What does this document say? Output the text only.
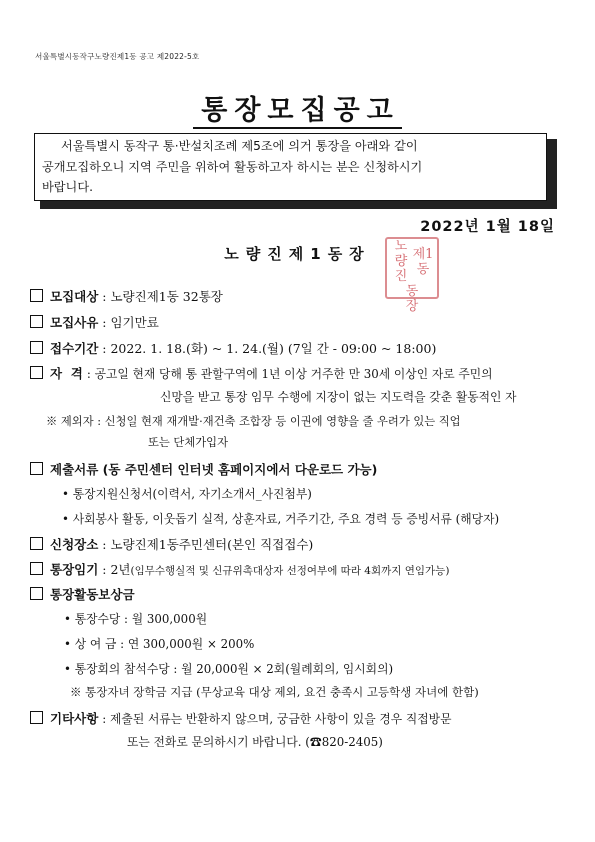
서울특별시동작구노량진제1동 공고 제2022-5호
통장모집공고
서울특별시 동작구 통·반설치조례 제5조에 의거 통장을 아래와 같이
공개모집하오니 지역 주민을 위하여 활동하고자 하시는 분은 신청하시기
바랍니다.
2022년 1월 18일
노량진제1동장	노량진
제1동
동장
모집대상 : 노량진제1동 32통장
모집사유 : 임기만료
접수기간 : 2022. 1. 18.(화) ~ 1. 24.(월) (7일 간 - 09:00 ~ 18:00)
자  격 : 공고일 현재 당해 통 관할구역에 1년 이상 거주한 만 30세 이상인 자로 주민의
신망을 받고 통장 임무 수행에 지장이 없는 지도력을 갖춘 활동적인 자
※ 제외자 : 신청일 현재 재개발·재건축 조합장 등 이권에 영향을 줄 우려가 있는 직업
또는 단체가입자
제출서류 (동 주민센터 인터넷 홈페이지에서 다운로드 가능)
• 통장지원신청서(이력서, 자기소개서_사진첨부)
• 사회봉사 활동, 이웃돕기 실적, 상훈자료, 거주기간, 주요 경력 등 증빙서류 (해당자)
신청장소 : 노량진제1동주민센터(본인 직접접수)
통장임기 : 2년(임무수행실적 및 신규위촉대상자 선정여부에 따라 4회까지 연임가능)
통장활동보상금
• 통장수당 : 월 300,000원
• 상 여 금 : 연 300,000원 × 200%
• 통장회의 참석수당 : 월 20,000원 × 2회(월례회의, 임시회의)
※ 통장자녀 장학금 지급 (무상교육 대상 제외, 요건 충족시 고등학생 자녀에 한함)
기타사항 : 제출된 서류는 반환하지 않으며, 궁금한 사항이 있을 경우 직접방문
또는 전화로 문의하시기 바랍니다. (☎820-2405)
